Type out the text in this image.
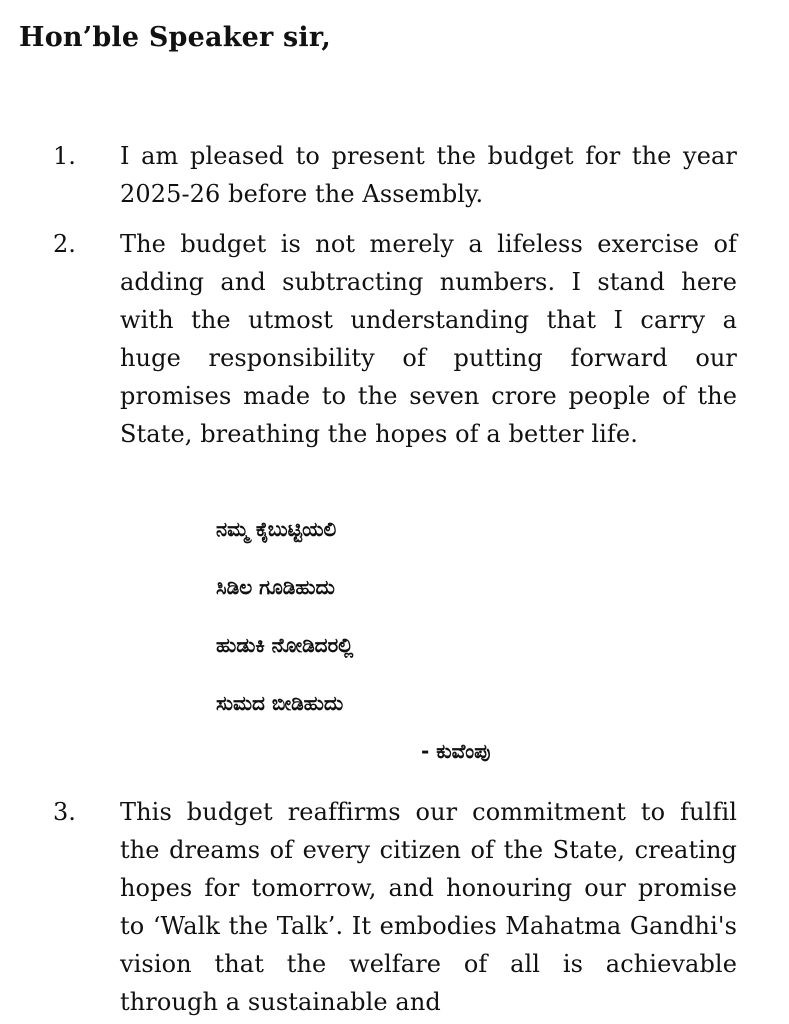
Hon’ble Speaker sir,
1. I am pleased to present the budget for the year 2025-26 before the Assembly.
2. The budget is not merely a lifeless exercise of adding and subtracting numbers. I stand here with the utmost understanding that I carry a huge responsibility of putting forward our promises made to the seven crore people of the State, breathing the hopes of a better life.
ನಮ್ಮ ಕೈಬುಟ್ಟಿಯಲಿ
ಸಿಡಿಲ ಗೂಡಿಹುದು
ಹುಡುಕಿ ನೋಡಿದರಲ್ಲಿ
ಸುಮದ ಬೀಡಿಹುದು
- ಕುವೆಂಪು
3. This budget reaffirms our commitment to fulfil the dreams of every citizen of the State, creating hopes for tomorrow, and honouring our promise to ‘Walk the Talk’. It embodies Mahatma Gandhi's vision that the welfare of all is achievable through a sustainable and
